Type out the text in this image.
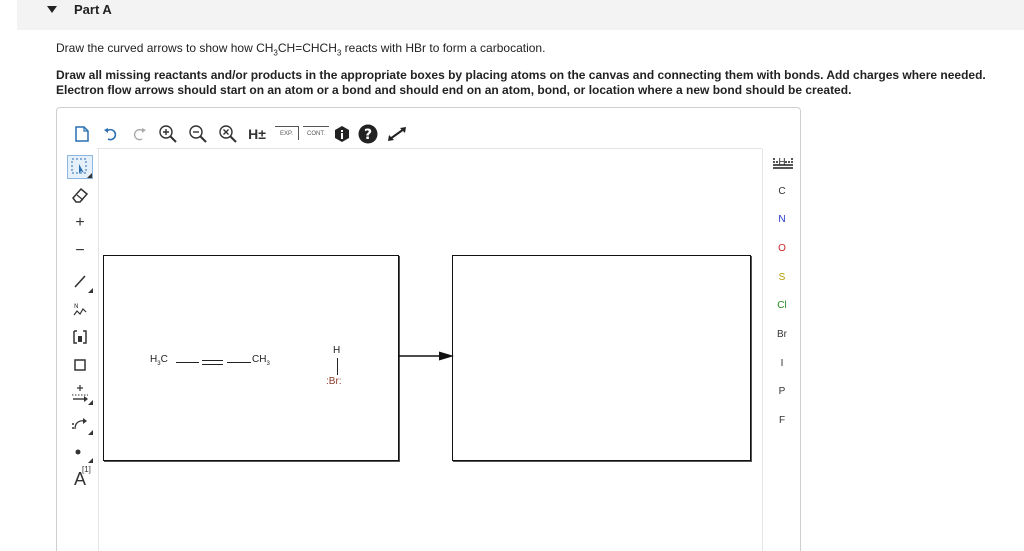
Part A
Draw the curved arrows to show how $CH_3CH=CHCH_3$ reacts with HBr to form a carbocation.
Draw all missing reactants and/or products in the appropriate boxes by placing atoms on the canvas and connecting them with bonds. Add charges where needed.
Electron flow arrows should start on an atom or a bond and should end on an atom, bond, or location where a new bond should be created.
H±	EXP.	CONT.	?
+
−
N
A
[1]
$H_3C$	$CH_3$
H
:Br:
H
C
N
O
S
Cl
Br
I
P
F
